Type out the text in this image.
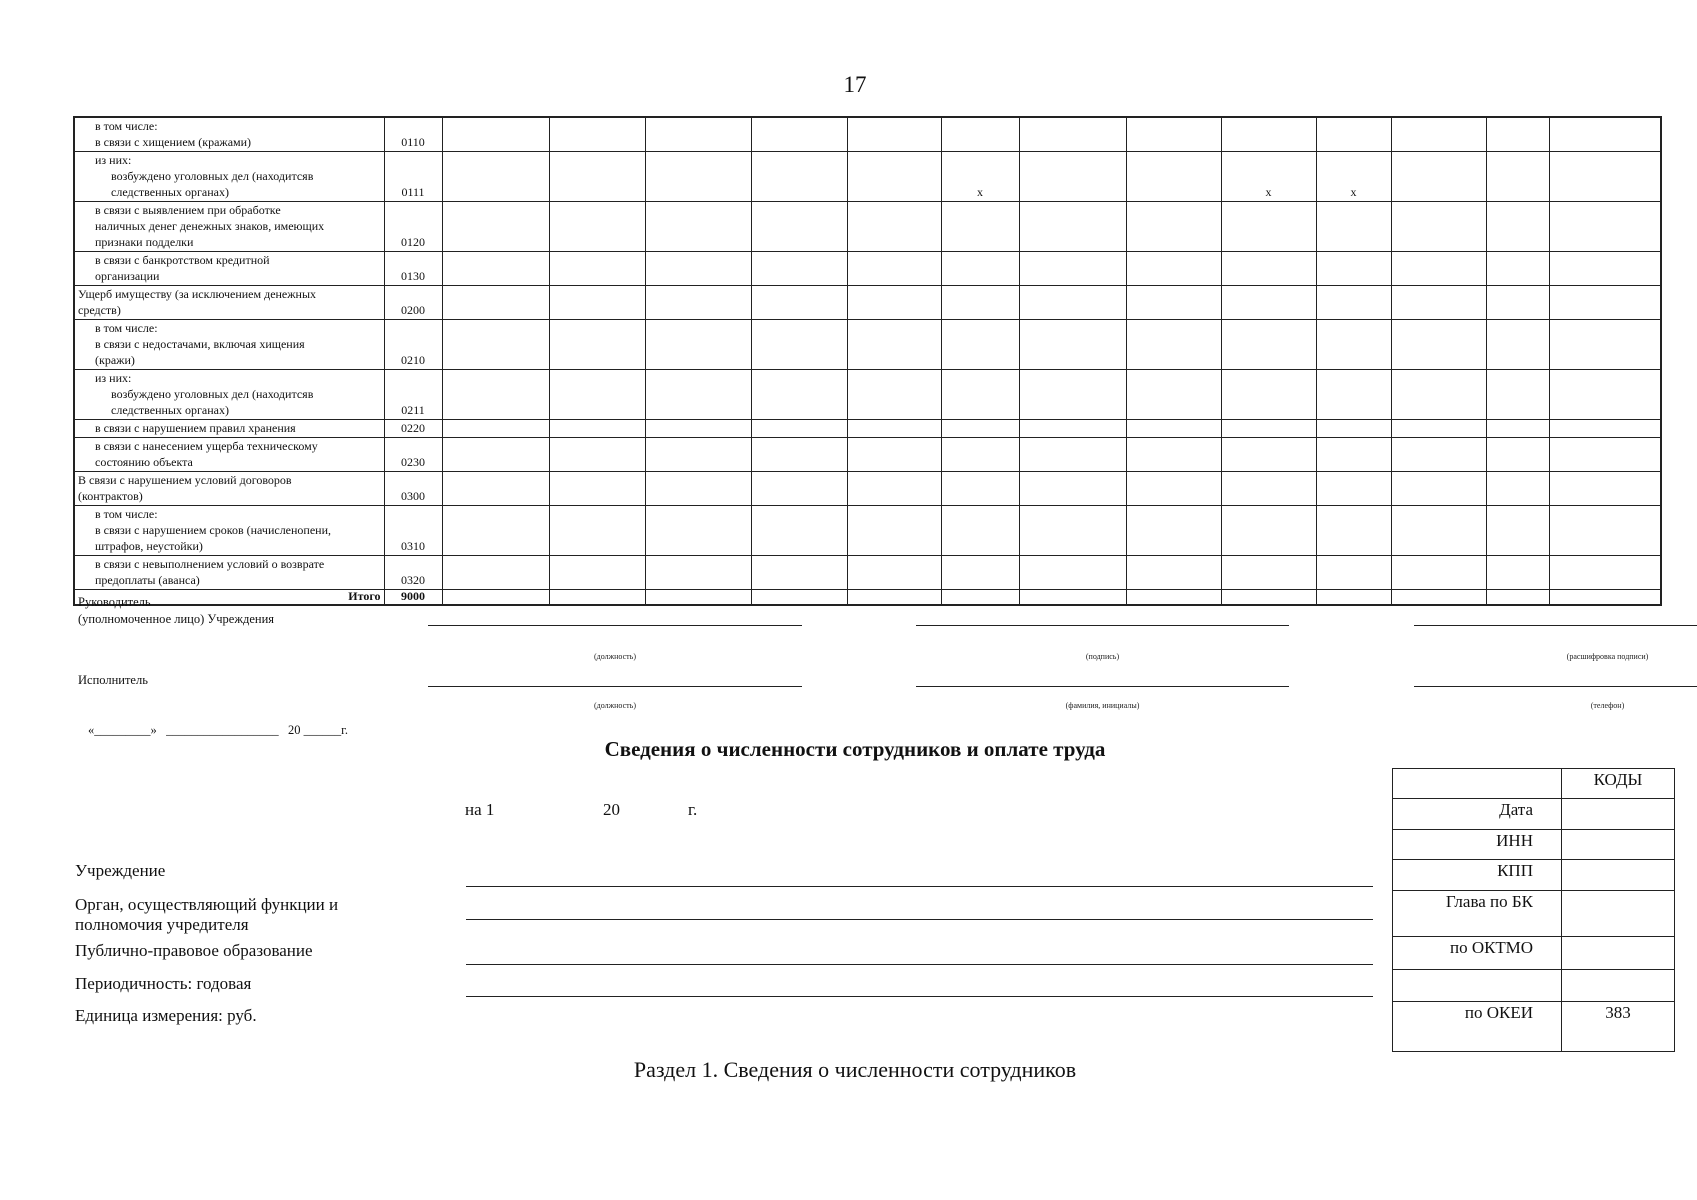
17
в том числе:
в связи с хищением (кражами)	0110													

из них:
возбуждено уголовных дел (находитсяв
следственных органах)	0111						x			x	x			

в связи с выявлением при обработке
наличных денег денежных знаков, имеющих
признаки подделки	0120													

в связи с банкротством кредитной
организации	0130													

Ущерб имуществу (за исключением денежных
средств)	0200													

в том числе:
в связи с недостачами, включая хищения
(кражи)	0210													

из них:
возбуждено уголовных дел (находитсяв
следственных органах)	0211													

в связи с нарушением правил хранения	0220													

в связи с нанесением ущерба техническому
состоянию объекта	0230													

В связи с нарушением условий договоров
(контрактов)	0300													

в том числе:
в связи с нарушением сроков (начисленопени,
штрафов, неустойки)	0310													

в связи с невыполнением условий о возврате
предоплаты (аванса)	0320													
Итого	9000													
Руководитель
(уполномоченное лицо) Учреждения
(должность)	(подпись)	(расшифровка подписи)
Исполнитель
(должность)	(фамилия, инициалы)	(телефон)
«_________»   __________________   20 ______г.
Сведения о численности сотрудников и оплате труда
на 1	20	г.
Учреждение
Орган, осуществляющий функции и
полномочия учредителя
Публично-правовое образование
Периодичность: годовая
Единица измерения: руб.
	КОДЫ
Дата	
ИНН	
КПП	
Глава по БК	
по ОКТМО	

по ОКЕИ	383
Раздел 1. Сведения о численности сотрудников
